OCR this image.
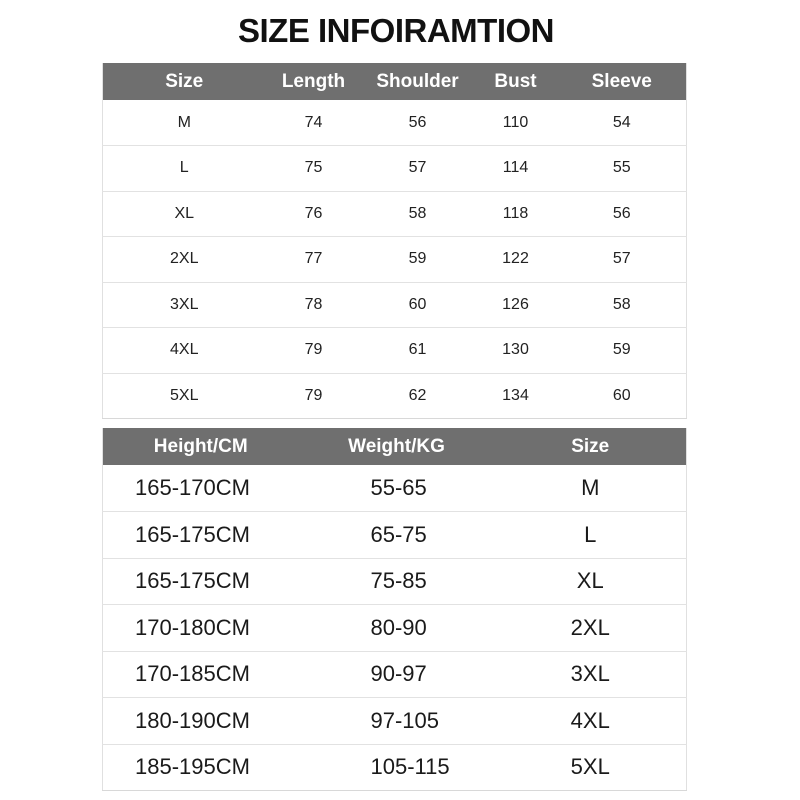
SIZE INFOIRAMTION
Size	Length	Shoulder	Bust	Sleeve
M	74	56	110	54
L	75	57	114	55
XL	76	58	118	56
2XL	77	59	122	57
3XL	78	60	126	58
4XL	79	61	130	59
5XL	79	62	134	60
Height/CM	Weight/KG	Size
165-170CM	55-65	M
165-175CM	65-75	L
165-175CM	75-85	XL
170-180CM	80-90	2XL
170-185CM	90-97	3XL
180-190CM	97-105	4XL
185-195CM	105-115	5XL
